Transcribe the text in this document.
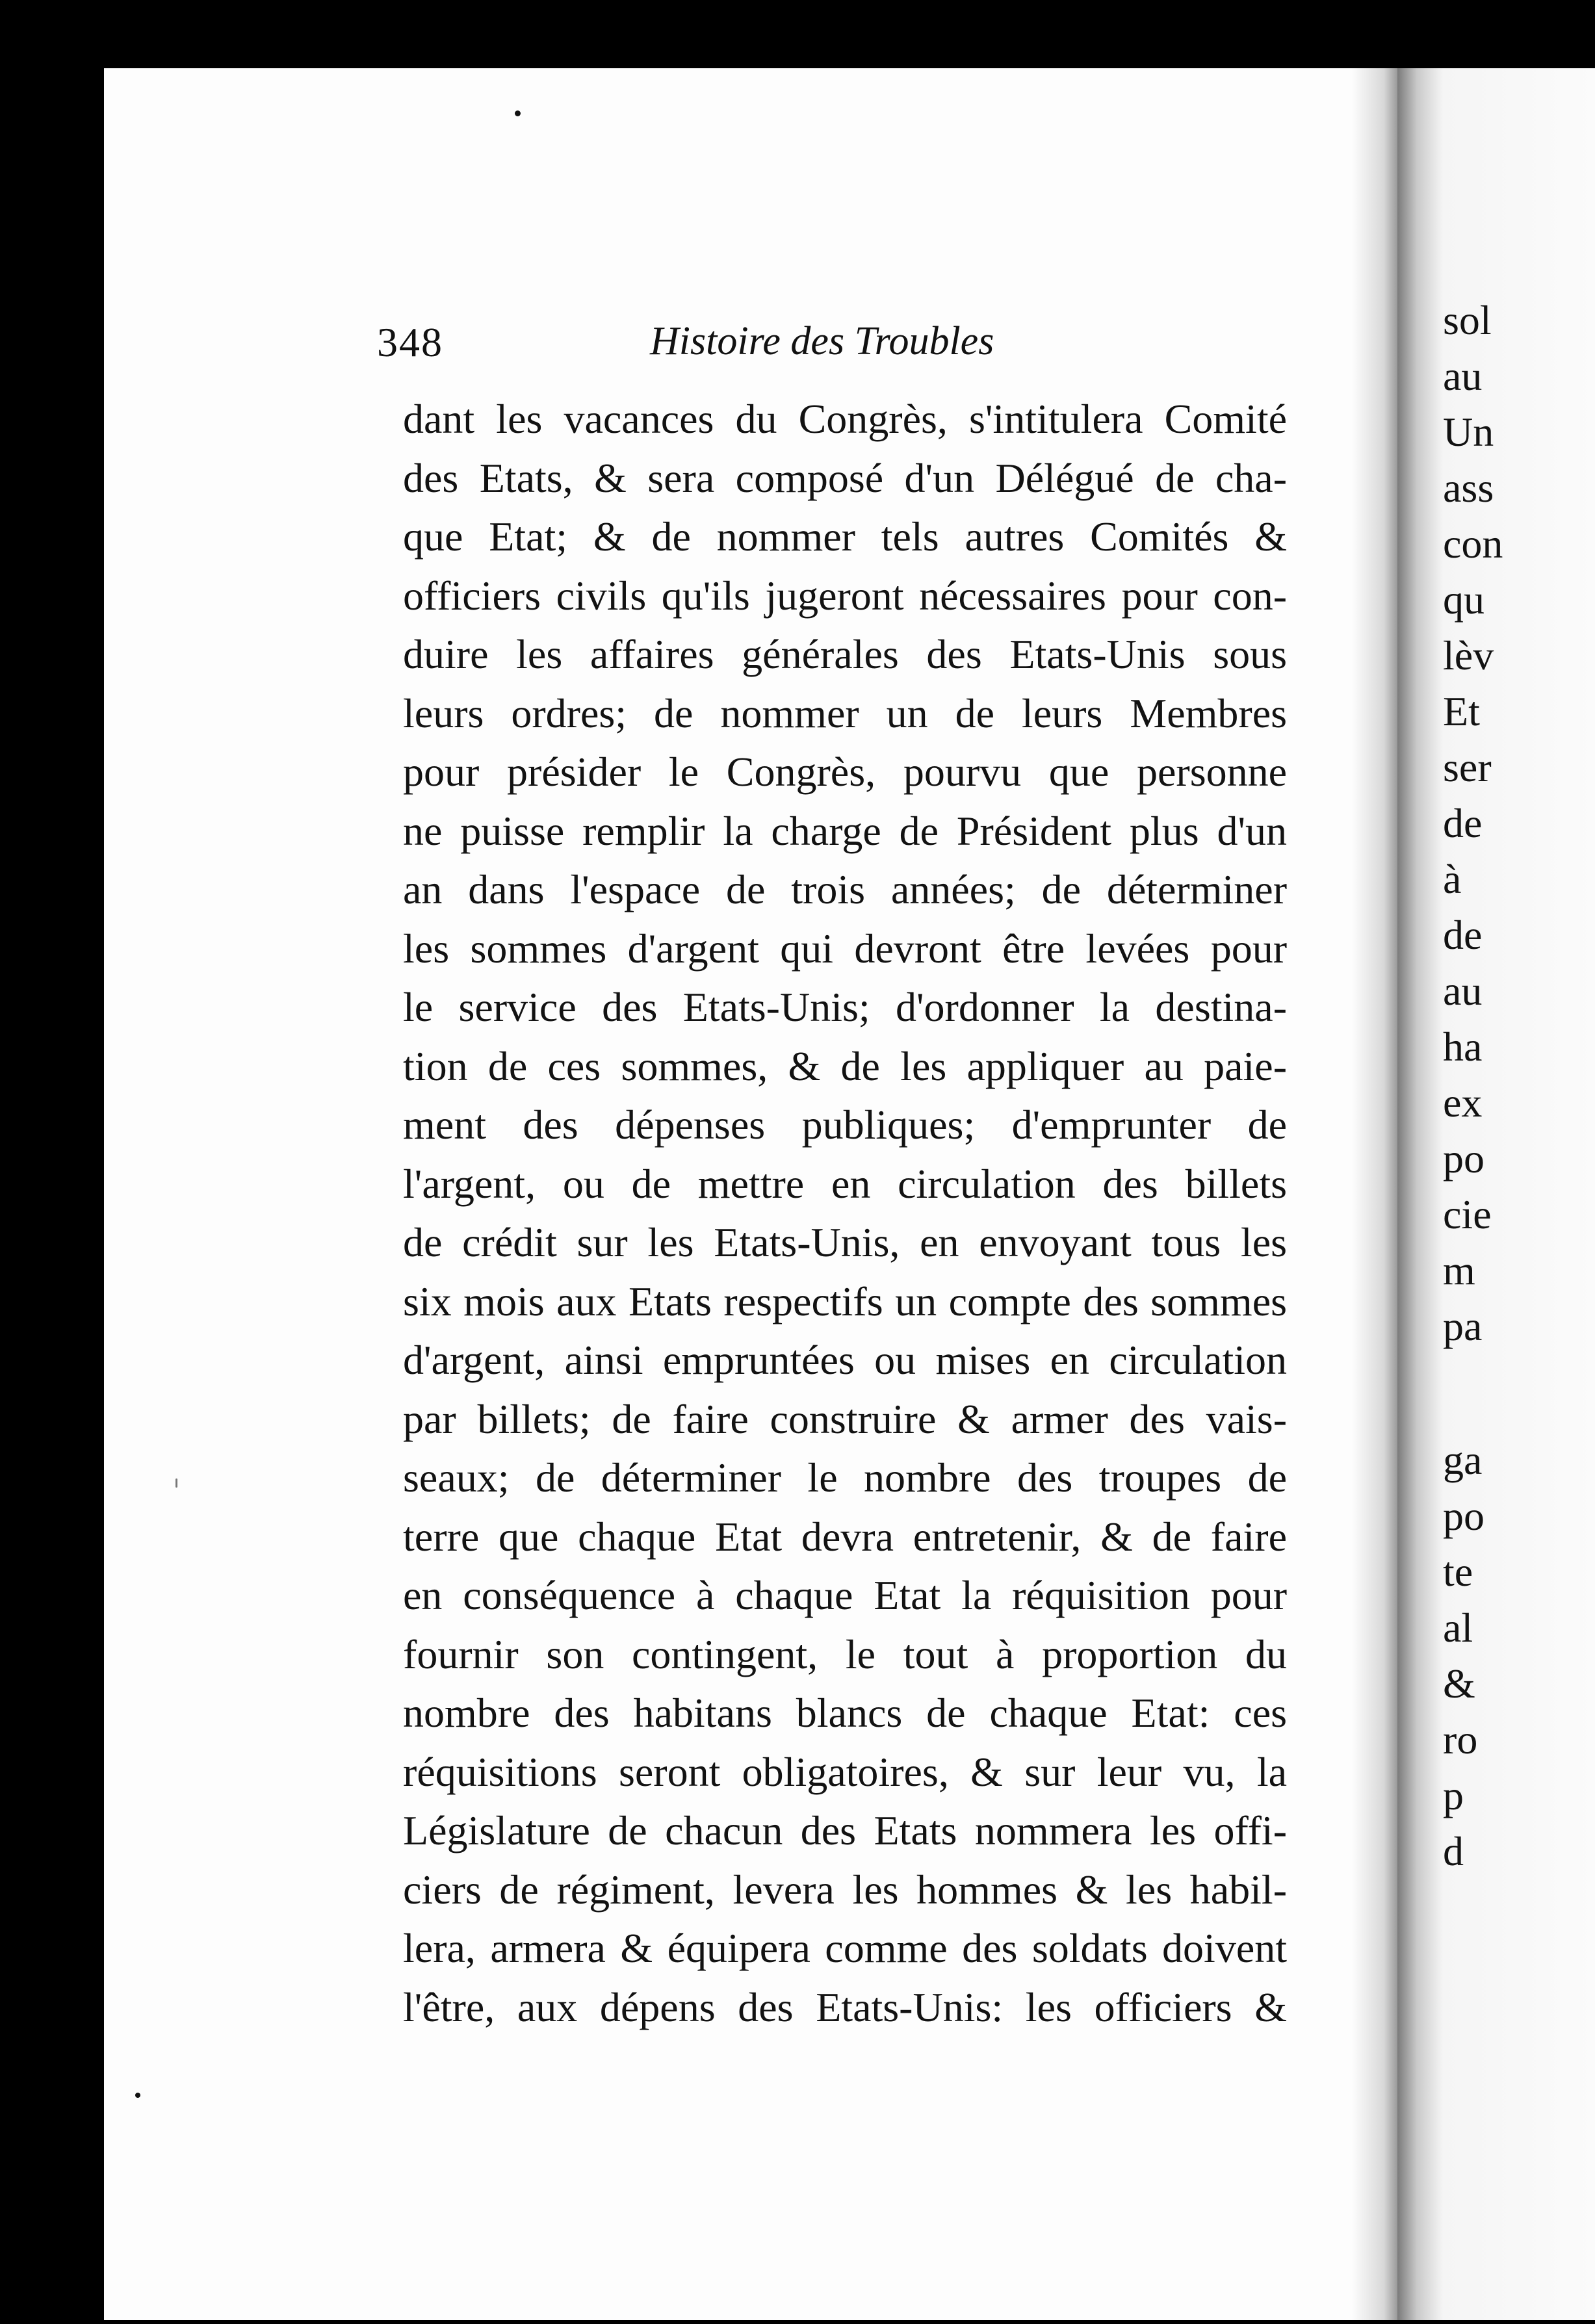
348	Histoire des Troubles
dant les vacances du Congrès, s'intitulera Comité
des Etats, & sera composé d'un Délégué de cha-
que Etat; & de nommer tels autres Comités &
officiers civils qu'ils jugeront nécessaires pour con-
duire les affaires générales des Etats-Unis sous
leurs ordres; de nommer un de leurs Membres
pour présider le Congrès, pourvu que personne
ne puisse remplir la charge de Président plus d'un
an dans l'espace de trois années; de déterminer
les sommes d'argent qui devront être levées pour
le service des Etats-Unis; d'ordonner la destina-
tion de ces sommes, & de les appliquer au paie-
ment des dépenses publiques; d'emprunter de
l'argent, ou de mettre en circulation des billets
de crédit sur les Etats-Unis, en envoyant tous les
six mois aux Etats respectifs un compte des sommes
d'argent, ainsi empruntées ou mises en circulation
par billets; de faire construire & armer des vais-
seaux; de déterminer le nombre des troupes de
terre que chaque Etat devra entretenir, & de faire
en conséquence à chaque Etat la réquisition pour
fournir son contingent, le tout à proportion du
nombre des habitans blancs de chaque Etat: ces
réquisitions seront obligatoires, & sur leur vu, la
Législature de chacun des Etats nommera les offi-
ciers de régiment, levera les hommes & les habil-
lera, armera & équipera comme des soldats doivent
l'être, aux dépens des Etats-Unis: les officiers &
sol
au
Un
ass
con
qu
lèv
Et
ser
de
à
de
au
ha
ex
po
cie
m
pa
ga
po
te
al
&
ro
p
d
